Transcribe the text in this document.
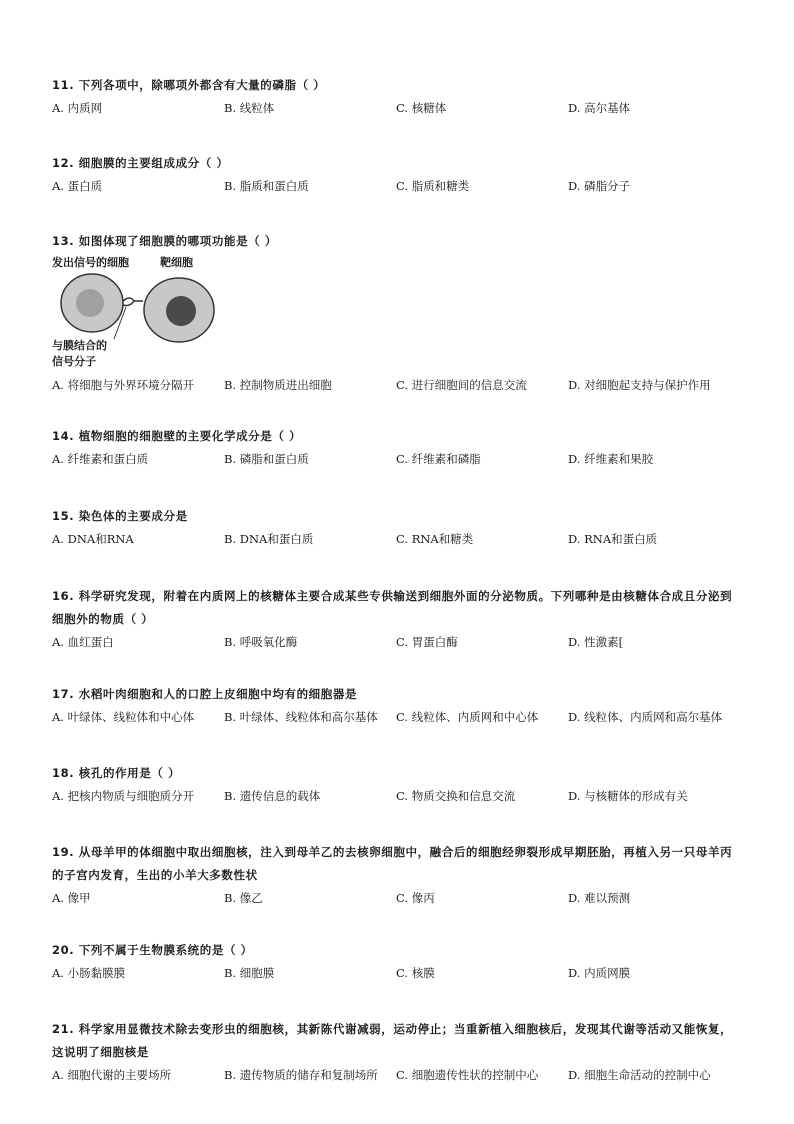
11. 下列各项中，除哪项外都含有大量的磷脂（ ）
A. 内质网	B. 线粒体	C. 核糖体	D. 高尔基体
12. 细胞膜的主要组成成分（ ）
A. 蛋白质	B. 脂质和蛋白质	C. 脂质和糖类	D. 磷脂分子
13. 如图体现了细胞膜的哪项功能是（ ）
发出信号的细胞	靶细胞
与膜结合的
信号分子
A. 将细胞与外界环境分隔开	B. 控制物质进出细胞	C. 进行细胞间的信息交流	D. 对细胞起支持与保护作用
14. 植物细胞的细胞壁的主要化学成分是（ ）
A. 纤维素和蛋白质	B. 磷脂和蛋白质	C. 纤维素和磷脂	D. 纤维素和果胶
15. 染色体的主要成分是
A. DNA和RNA	B. DNA和蛋白质	C. RNA和糖类	D. RNA和蛋白质
16. 科学研究发现，附着在内质网上的核糖体主要合成某些专供输送到细胞外面的分泌物质。下列哪种是由核糖体合成且分泌到细胞外的物质（ ）
A. 血红蛋白	B. 呼吸氧化酶	C. 胃蛋白酶	D. 性激素[
17. 水稻叶肉细胞和人的口腔上皮细胞中均有的细胞器是
A. 叶绿体、线粒体和中心体	B. 叶绿体、线粒体和高尔基体 C. 线粒体、内质网和中心体	D. 线粒体、内质网和高尔基体
18. 核孔的作用是（ ）
A. 把核内物质与细胞质分开	B. 遗传信息的载体	C. 物质交换和信息交流	D. 与核糖体的形成有关
19. 从母羊甲的体细胞中取出细胞核，注入到母羊乙的去核卵细胞中，融合后的细胞经卵裂形成早期胚胎，再植入另一只母羊丙的子宫内发育，生出的小羊大多数性状
A. 像甲	B. 像乙	C. 像丙	D. 难以预测
20. 下列不属于生物膜系统的是（ ）
A. 小肠黏膜膜	B. 细胞膜	C. 核膜	D. 内质网膜
21. 科学家用显微技术除去变形虫的细胞核，其新陈代谢减弱，运动停止；当重新植入细胞核后，发现其代谢等活动又能恢复，这说明了细胞核是
A. 细胞代谢的主要场所	B. 遗传物质的储存和复制场所 C. 细胞遗传性状的控制中心	D. 细胞生命活动的控制中心
